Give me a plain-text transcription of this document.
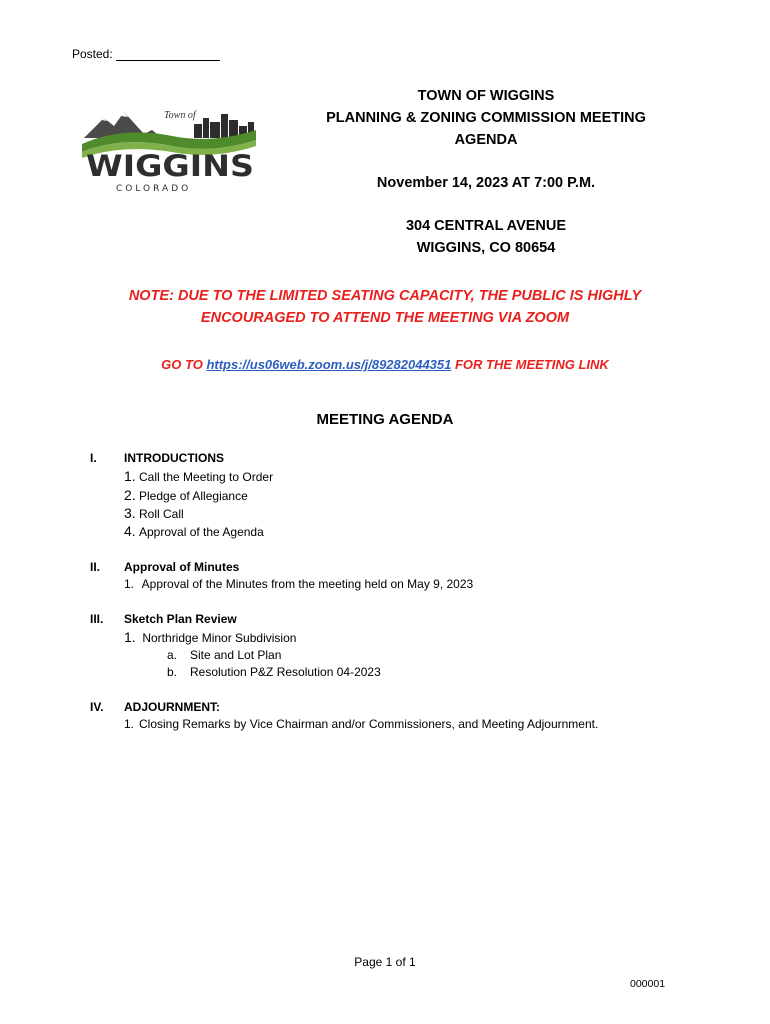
Posted:
Town of
WIGGINS
COLORADO
TOWN OF WIGGINS
PLANNING & ZONING COMMISSION MEETING
AGENDA
November 14, 2023 AT 7:00 P.M.
304 CENTRAL AVENUE
WIGGINS, CO 80654
NOTE: DUE TO THE LIMITED SEATING CAPACITY, THE PUBLIC IS HIGHLY
ENCOURAGED TO ATTEND THE MEETING VIA ZOOM
GO TO https://us06web.zoom.us/j/89282044351 FOR THE MEETING LINK
MEETING AGENDA
I. INTRODUCTIONS
1. Call the Meeting to Order
2. Pledge of Allegiance
3. Roll Call
4. Approval of the Agenda
II. Approval of Minutes
1. Approval of the Minutes from the meeting held on May 9, 2023
III. Sketch Plan Review
1. Northridge Minor Subdivision
a. Site and Lot Plan
b. Resolution P&Z Resolution 04-2023
IV. ADJOURNMENT:
1. Closing Remarks by Vice Chairman and/or Commissioners, and Meeting Adjournment.
Page 1 of 1
000001
